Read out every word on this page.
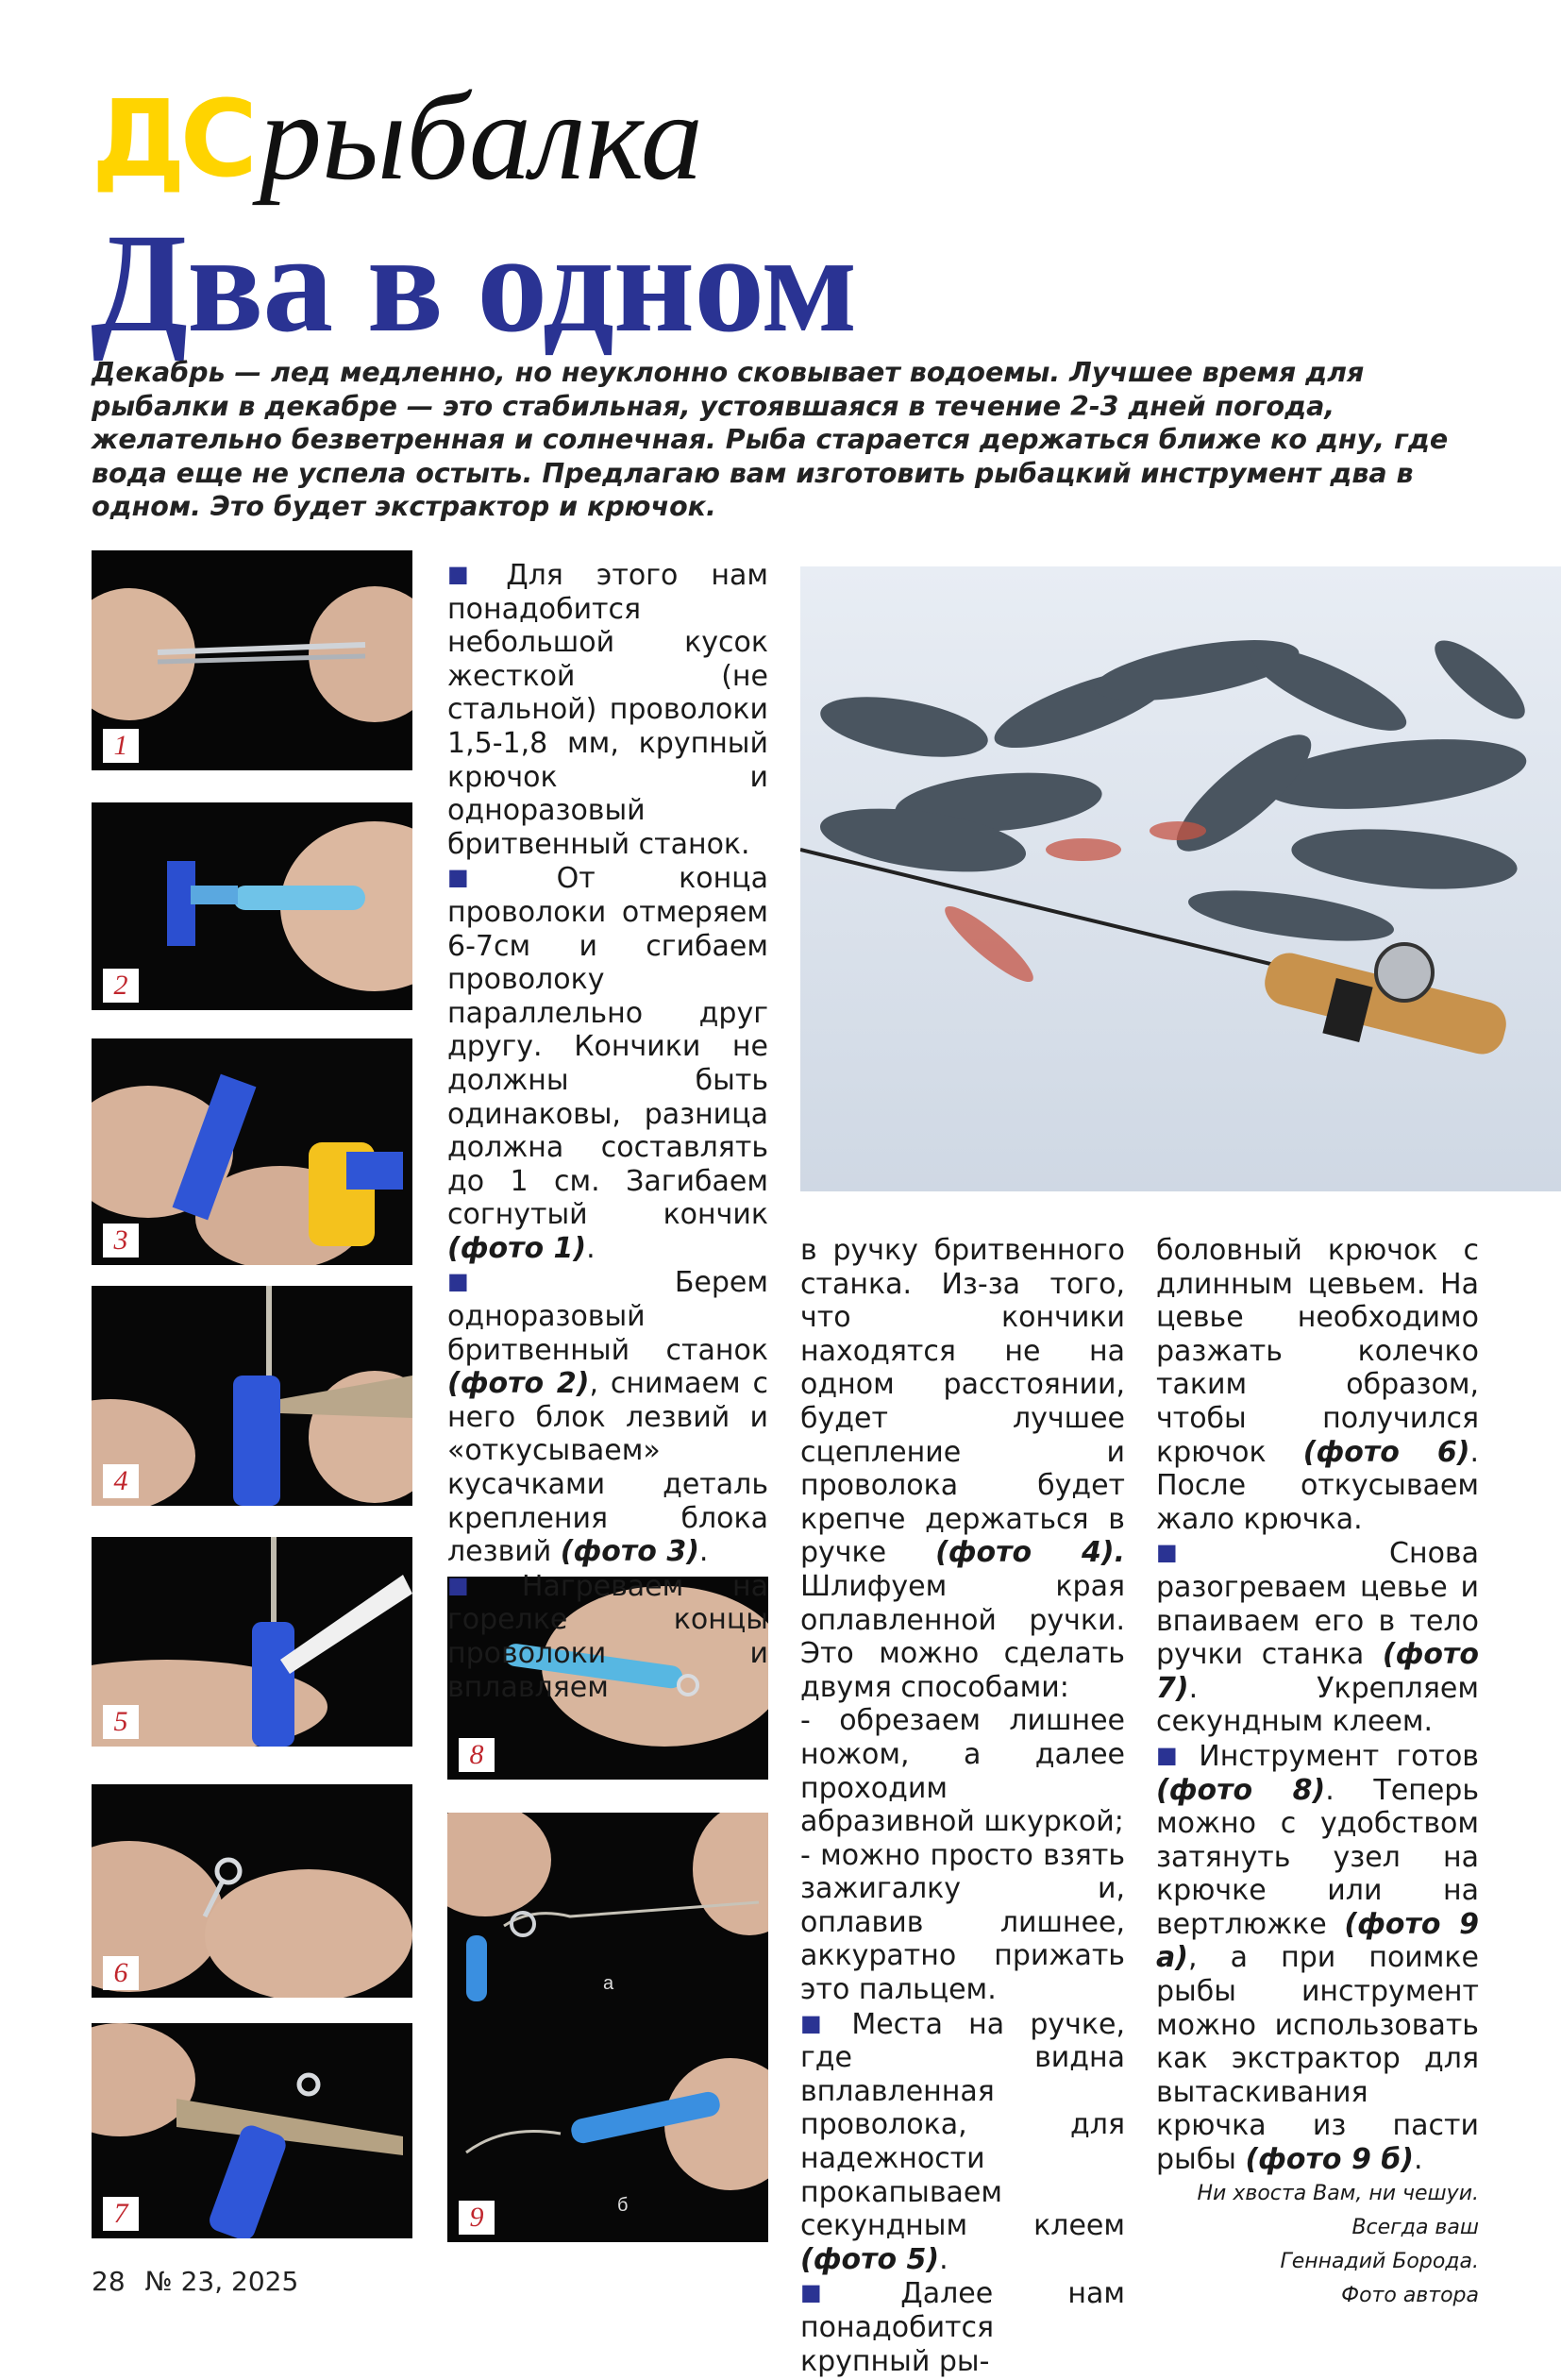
ДС рыбалка
Два в одном
Декабрь — лед медленно, но неуклонно сковывает водоемы. Лучшее время для рыбалки в декабре — это стабильная, устоявшаяся в течение 2-3 дней погода, желательно безветренная и солнечная. Рыба старается держаться ближе ко дну, где вода еще не успела остыть. Предлагаю вам изготовить рыбацкий инструмент два в одном. Это будет экстрактор и крючок.
1
2
3
4
5
6
7
8
а
б
9

■ Для этого нам понадобится небольшой кусок жесткой (не стальной) проволоки 1,5-1,8 мм, крупный крючок и одноразовый бритвенный станок.

■ От конца проволоки отмеряем 6-7см и сгибаем проволоку параллельно друг другу. Кончики не должны быть одинаковы, разница должна составлять до 1 см. Загибаем согнутый кончик (фото 1).

■ Берем одноразовый бритвенный станок (фото 2), снимаем с него блок лезвий и «откусываем» кусачками деталь крепления блока лезвий (фото 3).

■ Нагреваем на горелке концы проволоки и вплавляем

в ручку бритвенного станка. Из-за того, что кончики находятся не на одном расстоянии, будет лучшее сцепление и проволока будет крепче держаться в ручке (фото 4). Шлифуем края оплавленной ручки. Это можно сделать двумя способами:

- обрезаем лишнее ножом, а далее проходим абразивной шкуркой;

- можно просто взять зажигалку и, оплавив лишнее, аккуратно прижать это пальцем.

■ Места на ручке, где видна вплавленная проволока, для надежности прокапываем секундным клеем (фото 5).

■ Далее нам понадобится крупный ры-

боловный крючок с длинным цевьем. На цевье необходимо разжать колечко таким образом, чтобы получился крючок (фото 6). После откусываем жало крючка.

■ Снова разогреваем цевье и впаиваем его в тело ручки станка (фото 7). Укрепляем секундным клеем.

■ Инструмент готов (фото 8). Теперь можно с удобством затянуть узел на крючке или на вертлюжке (фото 9 а), а при поимке рыбы инструмент можно использовать как экстрактор для вытаскивания крючка из пасти рыбы (фото 9 б).

Ни хвоста Вам, ни чешуи.
Всегда ваш
Геннадий Борода.
Фото автора
28 № 23, 2025
